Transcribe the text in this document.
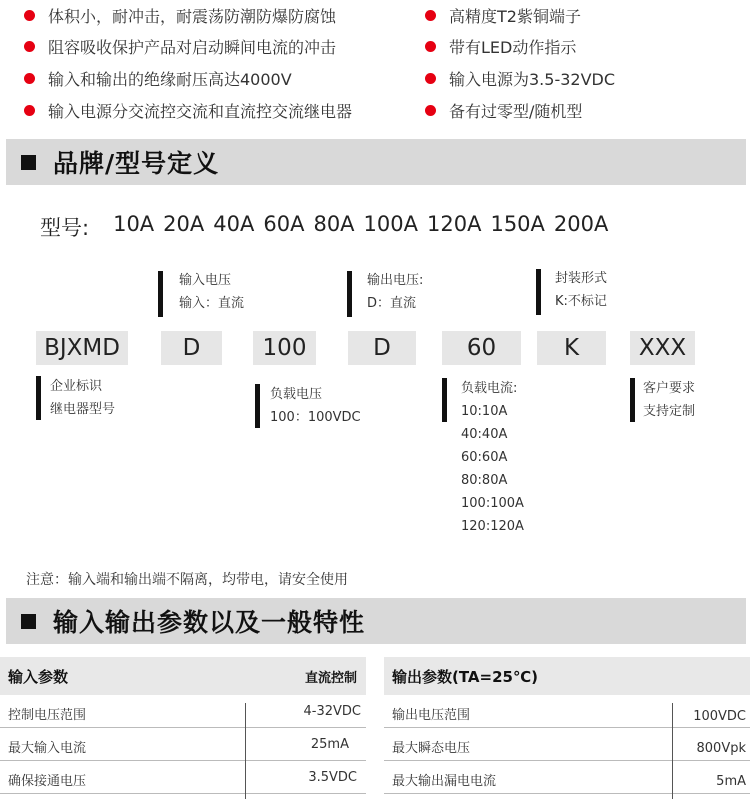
体积小，耐冲击，耐震荡防潮防爆防腐蚀
阻容吸收保护产品对启动瞬间电流的冲击
输入和输出的绝缘耐压高达4000V
输入电源分交流控交流和直流控交流继电器
高精度T2紫铜端子
带有LED动作指示
输入电源为3.5-32VDC
备有过零型/随机型
品牌/型号定义
型号: 10A 20A 40A 60A 80A 100A 120A 150A 200A
输入电压
输入：直流
输出电压:
D：直流
封装形式
K:不标记
BJXMD	D	100	D	60	K	XXX
企业标识
继电器型号
负载电压
100：100VDC
负载电流:
10:10A
40:40A
60:60A
80:80A
100:100A
120:120A
客户要求
支持定制
注意：输入端和输出端不隔离，均带电，请安全使用
输入输出参数以及一般特性
输入参数	直流控制
控制电压范围	4-32VDC
最大输入电流	25mA
确保接通电压	3.5VDC
输出参数(TA=25℃)
输出电压范围	100VDC
最大瞬态电压	800Vpk
最大输出漏电电流	5mA
